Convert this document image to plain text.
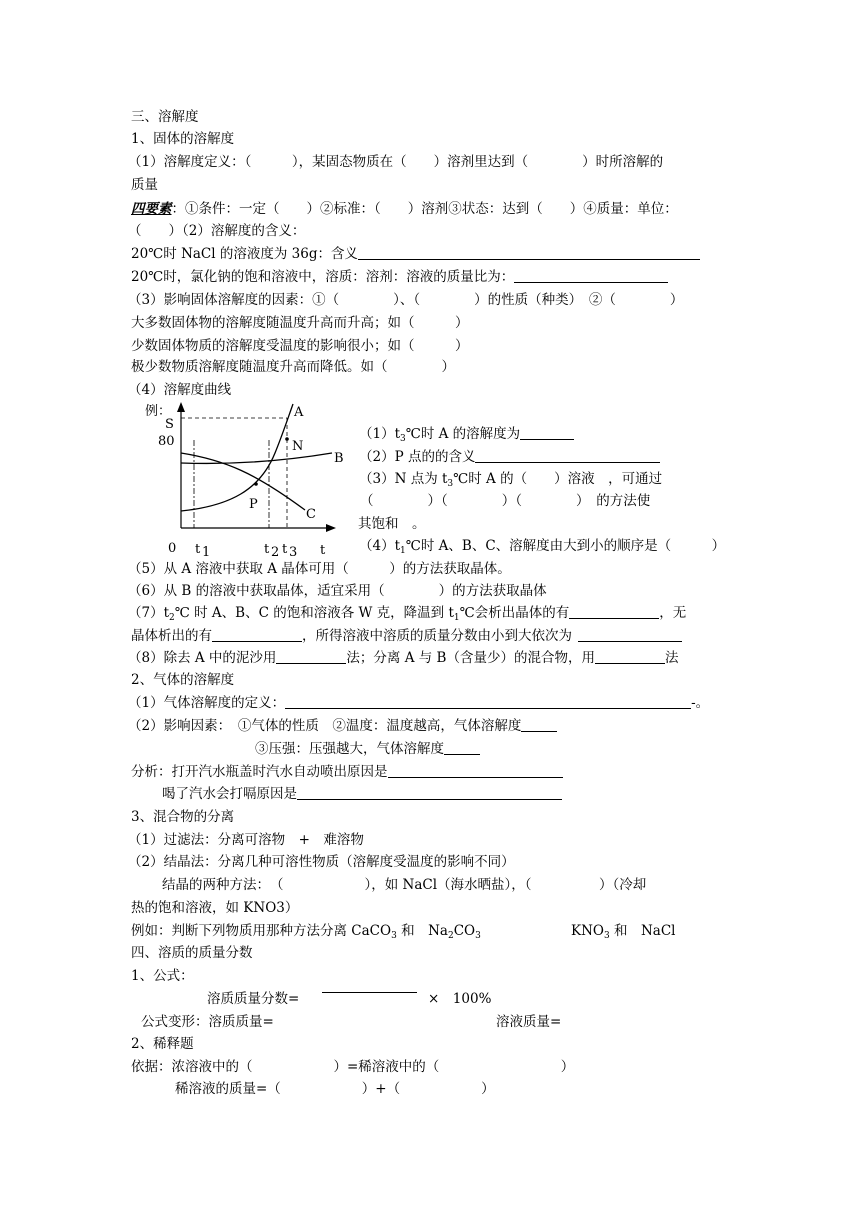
三、溶解度
1、固体的溶解度
（1）溶解度定义：（　　　），某固态物质在（　　）溶剂里达到（　　　　）时所溶解的
质量
四要素：①条件：一定（　　）②标准：（　　）溶剂③状态：达到（　　）④质量：单位：
（　　）（2）溶解度的含义：
20℃时 NaCl 的溶液度为 36g：含义
20℃时，氯化钠的饱和溶液中，溶质：溶剂：溶液的质量比为：
（3）影响固体溶解度的因素：①（　　　　）、（　　　　）的性质（种类）　②（　　　　）
大多数固体物的溶解度随温度升高而升高；如（　　　）
少数固体物质的溶解度受温度的影响很小；如（　　　）
极少数物质溶解度随温度升高而降低。如（　　　　）
（4）溶解度曲线
例：
S
80
0	t
t 1	t 2 t 3
A
B
C
P
N
$(1)t_3℃$时 A 的溶解度为
（2）P 点的的含义
（3）N 点为 $t_3℃$时 A 的（　　）溶液　，可通过
（　　　　）（　　　　）（　　　　）　的方法使
其饱和　。
$(4)t_1℃$时 A、B、C、溶解度由大到小的顺序是（　　　）
（5）从 A 溶液中获取 A 晶体可用（　　　）的方法获取晶体。
（6）从 B 的溶液中获取晶体，适宜采用（　　　　）的方法获取晶体
$(7)t_2℃$ 时 A、B、C 的饱和溶液各 W 克，降温到 $t_1℃$会析出晶体的有	，无
晶体析出的有	，所得溶液中溶质的质量分数由小到大依次为
（8）除去 A 中的泥沙用	法；分离 A 与 B（含量少）的混合物，用	法
2、气体的溶解度
（1）气体溶解度的定义：	-。
（2）影响因素：　①气体的性质　②温度：温度越高，气体溶解度
③压强：压强越大，气体溶解度
分析：打开汽水瓶盖时汽水自动喷出原因是
喝了汽水会打嗝原因是
3、混合物的分离
（1）过滤法：分离可溶物　+　难溶物
（2）结晶法：分离几种可溶性物质（溶解度受温度的影响不同）
结晶的两种方法：　（　　　　　　），如 NaCl（海水晒盐），（　　　　　）（冷却
热的饱和溶液，如 KNO3）
例如：判断下列物质用那种方法分离 CaCO$_3$ 和　$Na_2CO_3$	$KNO_3$ 和　NaCl
四、溶质的质量分数
1、公式：
溶质质量分数=	×　100%
公式变形：溶质质量=	溶液质量=
2、稀释题
依据：浓溶液中的（　　　　　　）=稀溶液中的（　　　　　　　　　）
稀溶液的质量=（　　　　　　）+（　　　　　　）
